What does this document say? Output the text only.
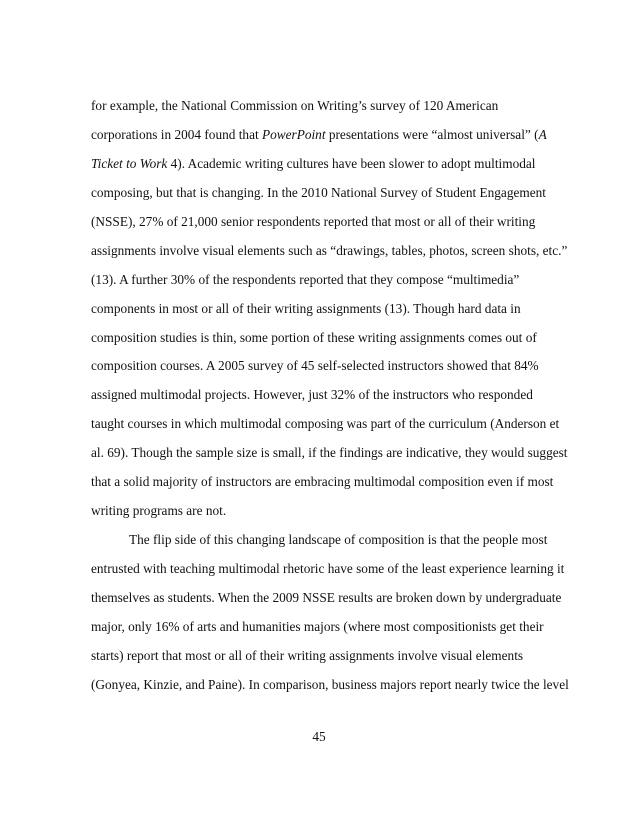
for example, the National Commission on Writing’s survey of 120 American
corporations in 2004 found that PowerPoint presentations were “almost universal” (A
Ticket to Work 4). Academic writing cultures have been slower to adopt multimodal
composing, but that is changing. In the 2010 National Survey of Student Engagement
(NSSE), 27% of 21,000 senior respondents reported that most or all of their writing
assignments involve visual elements such as “drawings, tables, photos, screen shots, etc.”
(13). A further 30% of the respondents reported that they compose “multimedia”
components in most or all of their writing assignments (13). Though hard data in
composition studies is thin, some portion of these writing assignments comes out of
composition courses. A 2005 survey of 45 self-selected instructors showed that 84%
assigned multimodal projects. However, just 32% of the instructors who responded
taught courses in which multimodal composing was part of the curriculum (Anderson et
al. 69). Though the sample size is small, if the findings are indicative, they would suggest
that a solid majority of instructors are embracing multimodal composition even if most
writing programs are not.
The flip side of this changing landscape of composition is that the people most
entrusted with teaching multimodal rhetoric have some of the least experience learning it
themselves as students. When the 2009 NSSE results are broken down by undergraduate
major, only 16% of arts and humanities majors (where most compositionists get their
starts) report that most or all of their writing assignments involve visual elements
(Gonyea, Kinzie, and Paine). In comparison, business majors report nearly twice the level
45
